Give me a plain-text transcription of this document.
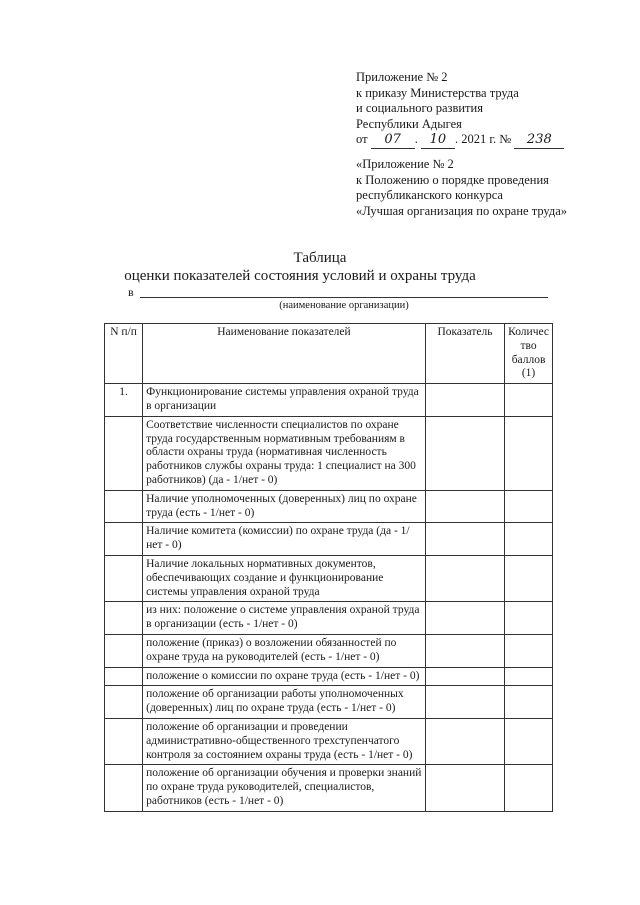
Приложение № 2
к приказу Министерства труда
и социального развития
Республики Адыгея
от 07 . 10 . 2021 г. № 238
«Приложение № 2
к Положению о порядке проведения
республиканского конкурса
«Лучшая организация по охране труда»
Таблица
оценки показателей состояния условий и охраны труда
в
(наименование организации)
N п/п	Наименование показателей	Показатель	Количес тво баллов (1)
1.	Функционирование системы управления охраной труда в организации		
	Соответствие численности специалистов по охране труда государственным нормативным требованиям в области охраны труда (нормативная численность работников службы охраны труда: 1 специалист на 300 работников) (да - 1/нет - 0)		
	Наличие уполномоченных (доверенных) лиц по охране труда (есть - 1/нет - 0)		
	Наличие комитета (комиссии) по охране труда (да - 1/нет - 0)		
	Наличие локальных нормативных документов, обеспечивающих создание и функционирование системы управления охраной труда		
	из них: положение о системе управления охраной труда в организации (есть - 1/нет - 0)		
	положение (приказ) о возложении обязанностей по охране труда на руководителей (есть - 1/нет - 0)		
	положение о комиссии по охране труда (есть - 1/нет - 0)		
	положение об организации работы уполномоченных (доверенных) лиц по охране труда (есть - 1/нет - 0)		
	положение об организации и проведении административно-общественного трехступенчатого контроля за состоянием охраны труда (есть - 1/нет - 0)		
	положение об организации обучения и проверки знаний по охране труда руководителей, специалистов, работников (есть - 1/нет - 0)		
